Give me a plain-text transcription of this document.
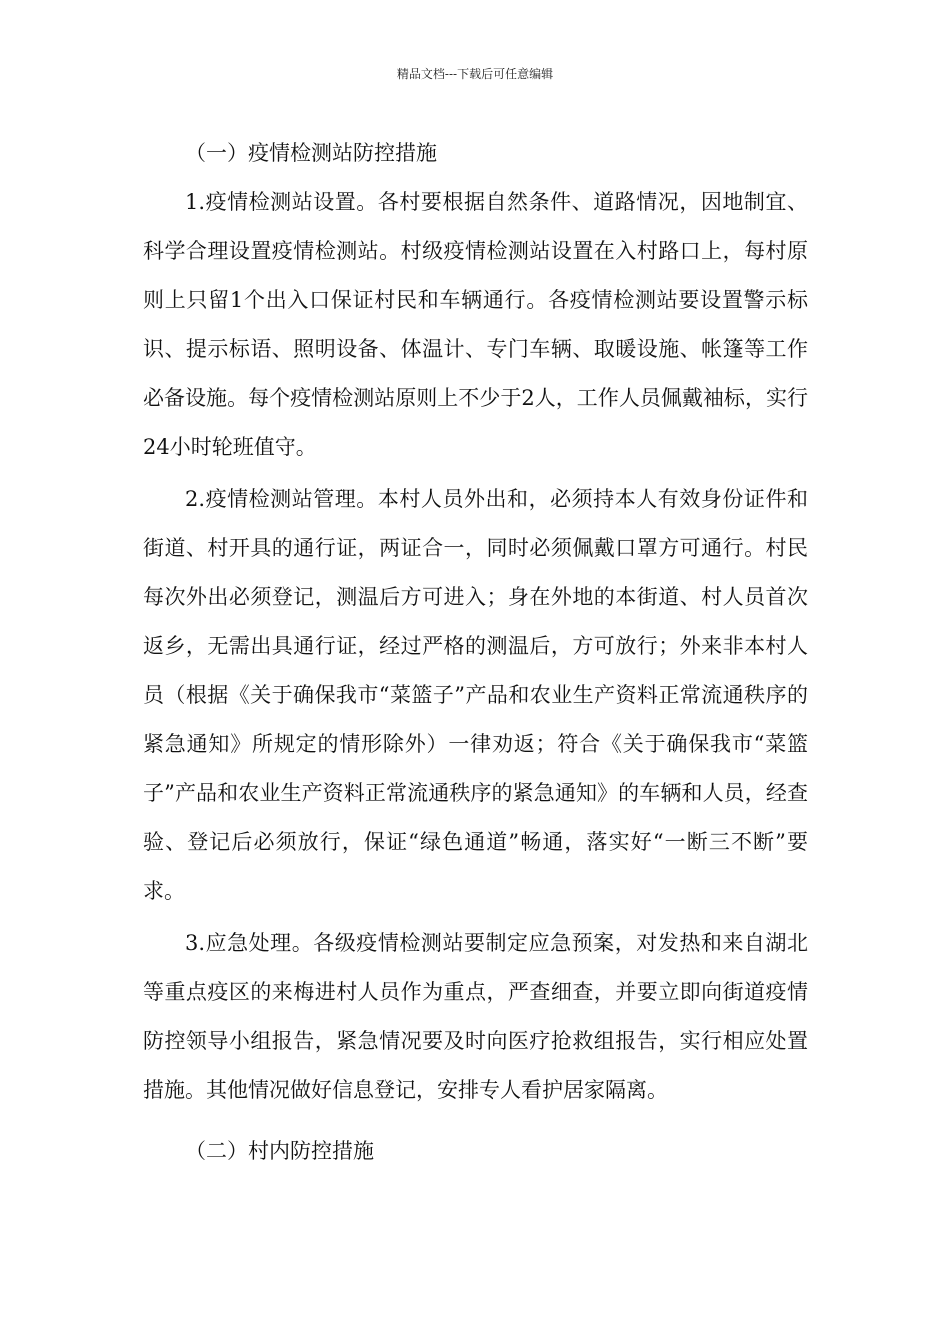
精品文档---下载后可任意编辑
（一）疫情检测站防控措施

1.疫情检测站设置。各村要根据自然条件、道路情况，因地制宜、科学合理设置疫情检测站。村级疫情检测站设置在入村路口上，每村原则上只留1个出入口保证村民和车辆通行。各疫情检测站要设置警示标识、提示标语、照明设备、体温计、专门车辆、取暖设施、帐篷等工作必备设施。每个疫情检测站原则上不少于2人，工作人员佩戴袖标，实行24小时轮班值守。

2.疫情检测站管理。本村人员外出和，必须持本人有效身份证件和街道、村开具的通行证，两证合一，同时必须佩戴口罩方可通行。村民每次外出必须登记，测温后方可进入；身在外地的本街道、村人员首次返乡，无需出具通行证，经过严格的测温后，方可放行；外来非本村人员（根据《关于确保我市“菜篮子”产品和农业生产资料正常流通秩序的紧急通知》所规定的情形除外）一律劝返；符合《关于确保我市“菜篮子”产品和农业生产资料正常流通秩序的紧急通知》的车辆和人员，经查验、登记后必须放行，保证“绿色通道”畅通，落实好“一断三不断”要求。

3.应急处理。各级疫情检测站要制定应急预案，对发热和来自湖北等重点疫区的来梅进村人员作为重点，严查细查，并要立即向街道疫情防控领导小组报告，紧急情况要及时向医疗抢救组报告，实行相应处置措施。其他情况做好信息登记，安排专人看护居家隔离。

（二）村内防控措施
